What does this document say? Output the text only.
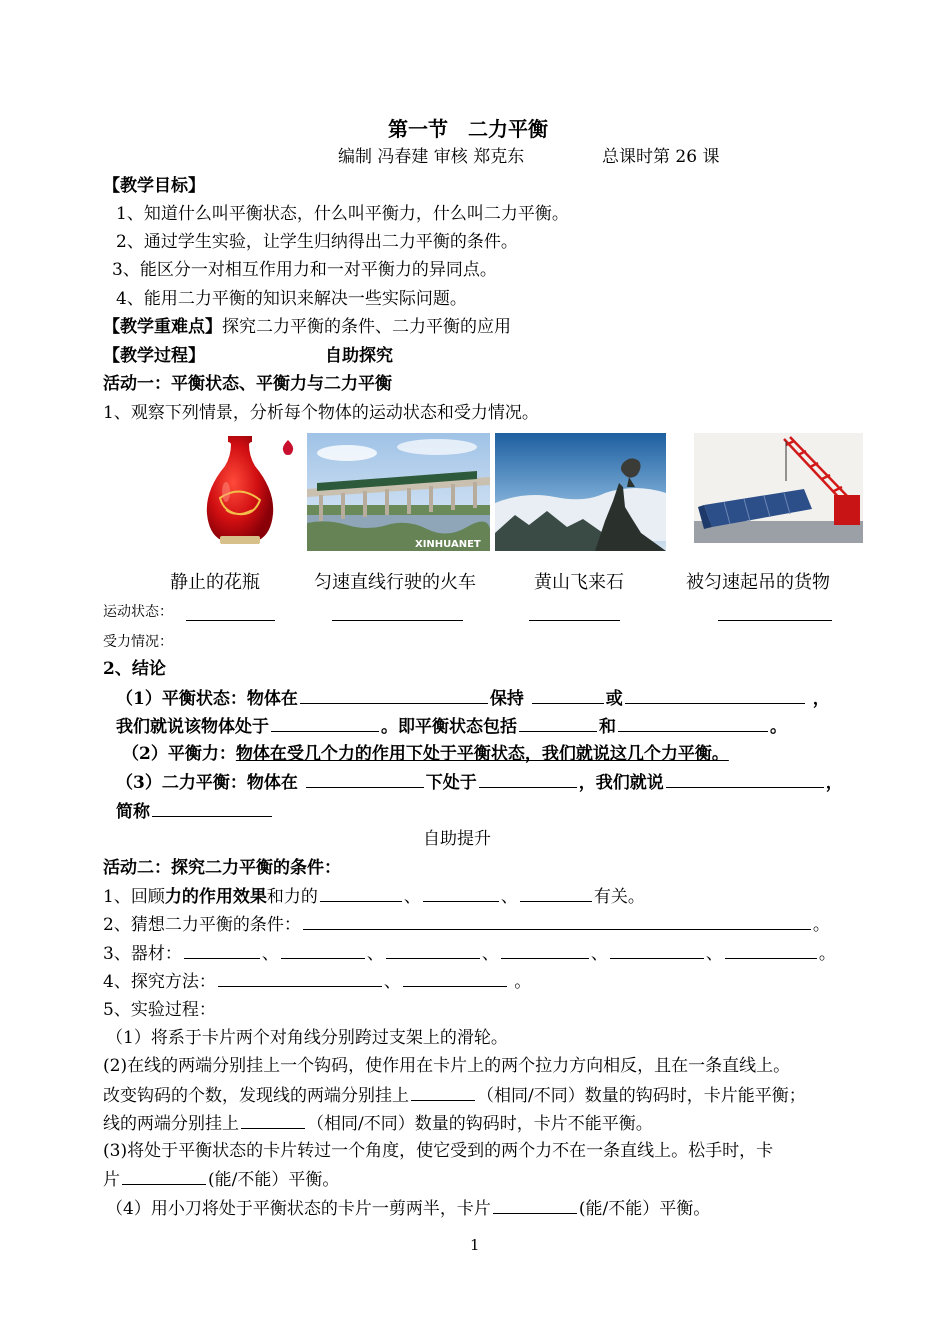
第一节　二力平衡
编制 冯春建 审核 郑克东	总课时第 26 课
【教学目标】
1、知道什么叫平衡状态，什么叫平衡力，什么叫二力平衡。
2、通过学生实验，让学生归纳得出二力平衡的条件。
3、能区分一对相互作用力和一对平衡力的异同点。
4、能用二力平衡的知识来解决一些实际问题。
【教学重难点】探究二力平衡的条件、二力平衡的应用
【教学过程】	自助探究
活动一：平衡状态、平衡力与二力平衡
1、观察下列情景，分析每个物体的运动状态和受力情况。
XINHUANET
静止的花瓶	匀速直线行驶的火车	黄山飞来石	被匀速起吊的货物
运动状态：
受力情况：
2、结论
（1）平衡状态：物体在	保持	或	，
我们就说该物体处于	。即平衡状态包括	和	。
（2）平衡力：物体在受几个力的作用下处于平衡状态，我们就说这几个力平衡。
（3）二力平衡：物体在	下处于	，我们就说	，
简称
自助提升
活动二：探究二力平衡的条件：
1、回顾力的作用效果和力的	、	、	有关。
2、猜想二力平衡的条件：	。
3、器材：	、	、	、	、	、	。
4、探究方法：	、	。
5、实验过程：
（1）将系于卡片两个对角线分别跨过支架上的滑轮。
(2)在线的两端分别挂上一个钩码，使作用在卡片上的两个拉力方向相反，且在一条直线上。
改变钩码的个数，发现线的两端分别挂上	（相同/不同）数量的钩码时，卡片能平衡；
线的两端分别挂上	（相同/不同）数量的钩码时，卡片不能平衡。
(3)将处于平衡状态的卡片转过一个角度，使它受到的两个力不在一条直线上。松手时，卡
片	(能/不能）平衡。
（4）用小刀将处于平衡状态的卡片一剪两半，卡片	(能/不能）平衡。
1
